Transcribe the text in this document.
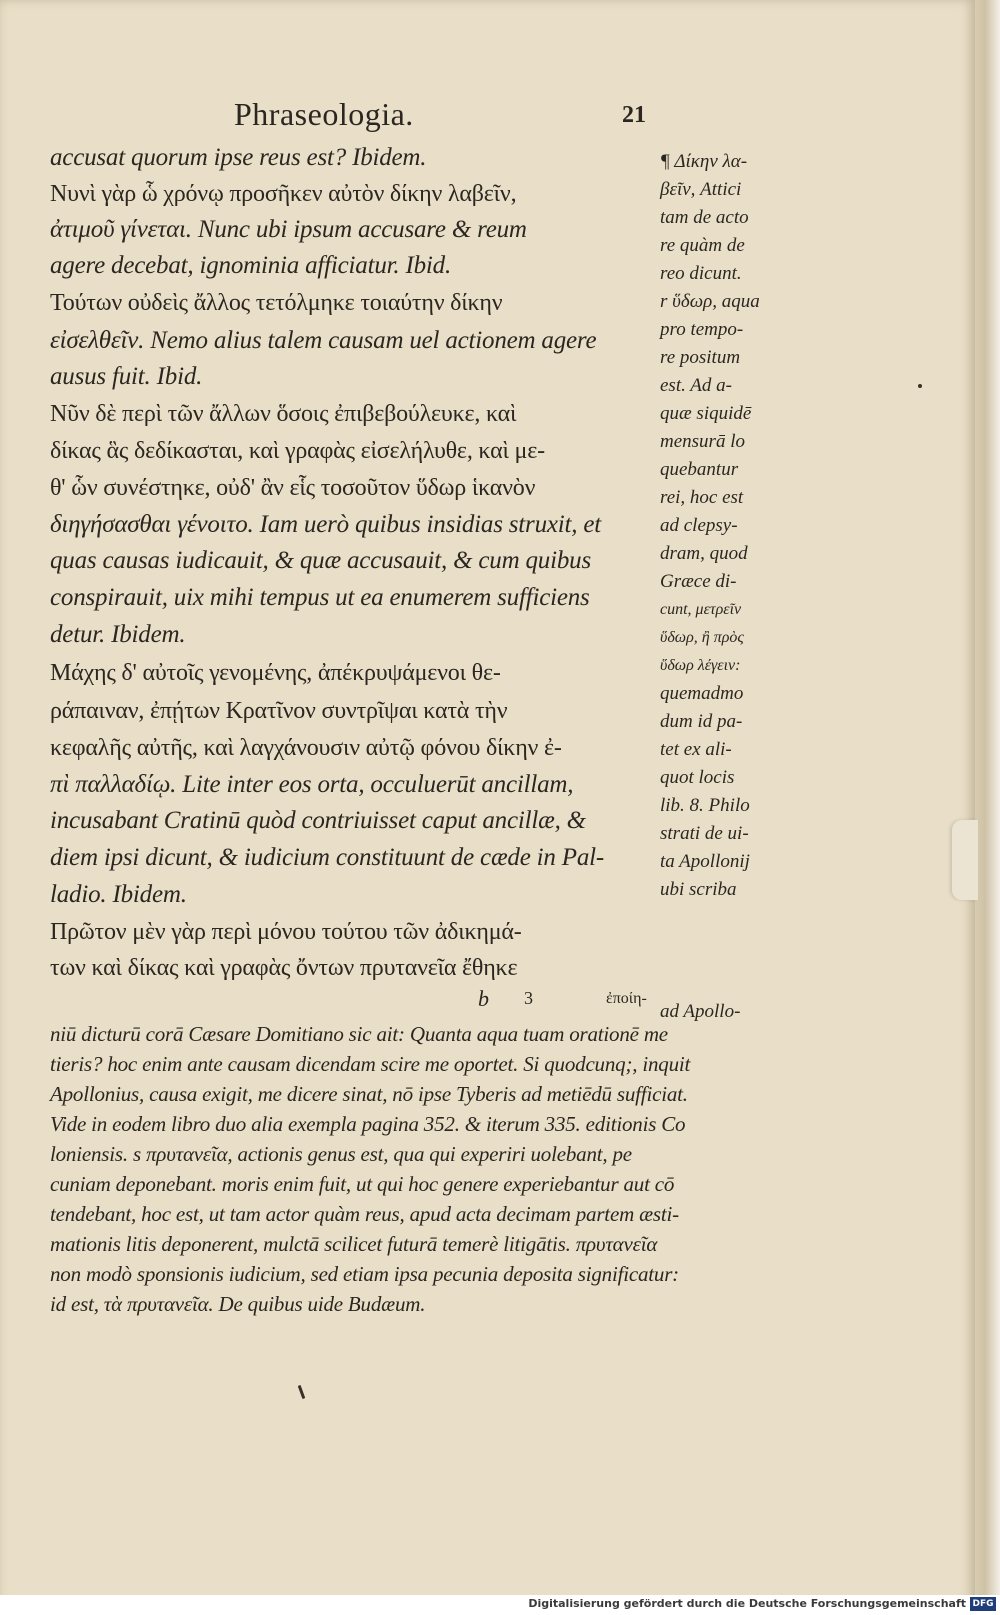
Phraseologia.	21
accusat quorum ipse reus est? Ibidem.
Νυνὶ γὰρ ὧ χρόνῳ προσῆκεν αὐτὸν δίκην λαβεῖν,
ἀτιμοῦ γίνεται. Nunc ubi ipsum accusare & reum
agere decebat, ignominia afficiatur. Ibid.
Τούτων οὐδεὶς ἄλλος τετόλμηκε τοιαύτην δίκην
εἰσελθεῖν. Nemo alius talem causam uel actionem agere
ausus fuit. Ibid.
Νῦν δὲ περὶ τῶν ἄλλων ὅσοις ἐπιβεβούλευκε, καὶ
δίκας ἃς δεδίκασται, καὶ γραφὰς εἰσελήλυθε, καὶ με-
θ' ὧν συνέστηκε, οὐδ' ἂν εἷς τοσοῦτον ὕδωρ ἱκανὸν
διηγήσασθαι γένοιτο. Iam uerò quibus insidias struxit, et
quas causas iudicauit, & quæ accusauit, & cum quibus
conspirauit, uix mihi tempus ut ea enumerem sufficiens
detur. Ibidem.
Μάχης δ' αὐτοῖς γενομένης, ἀπέκρυψάμενοι θε-
ράπαιναν, ἐπῄτων Κρατῖνον συντρῖψαι κατὰ τὴν
κεφαλῆς αὐτῆς, καὶ λαγχάνουσιν αὐτῷ φόνου δίκην ἐ-
πὶ παλλαδίῳ. Lite inter eos orta, occuluerūt ancillam,
incusabant Cratinū quòd contriuisset caput ancillæ, &
diem ipsi dicunt, & iudicium constituunt de cæde in Pal-
ladio. Ibidem.
Πρῶτον μὲν γὰρ περὶ μόνου τούτου τῶν ἀδικημά-
των καὶ δίκας καὶ γραφὰς ὄντων πρυτανεῖα ἔθηκε
b 3	ἐποίη-
¶ Δίκην λα-
βεῖν, Attici
tam de acto
re quàm de
reo dicunt.
r ὕδωρ, aqua
pro tempo-
re positum
est. Ad a-
quæ siquidē
mensurā lo
quebantur
rei, hoc est
ad clepsy-
dram, quod
Græce di-
cunt, μετρεῖν
ὕδωρ, ἢ πρὸς
ὕδωρ λέγειν:
quemadmo
dum id pa-
tet ex ali-
quot locis
lib. 8. Philo
strati de ui-
ta Apollonij
ubi scriba
ad Apollo-
niū dicturū corā Cæsare Domitiano sic ait: Quanta aqua tuam orationē me
tieris? hoc enim ante causam dicendam scire me oportet. Si quodcunq;, inquit
Apollonius, causa exigit, me dicere sinat, nō ipse Tyberis ad metiēdū sufficiat.
Vide in eodem libro duo alia exempla pagina 352. & iterum 335. editionis Co
loniensis. s πρυτανεῖα, actionis genus est, qua qui experiri uolebant, pe
cuniam deponebant. moris enim fuit, ut qui hoc genere experiebantur aut cō
tendebant, hoc est, ut tam actor quàm reus, apud acta decimam partem æsti-
mationis litis deponerent, mulctā scilicet futurā temerè litigātis. πρυτανεῖα
non modò sponsionis iudicium, sed etiam ipsa pecunia deposita significatur:
id est, τὰ πρυτανεῖα. De quibus uide Budæum.
Digitalisierung gefördert durch die Deutsche Forschungsgemeinschaft DFG
